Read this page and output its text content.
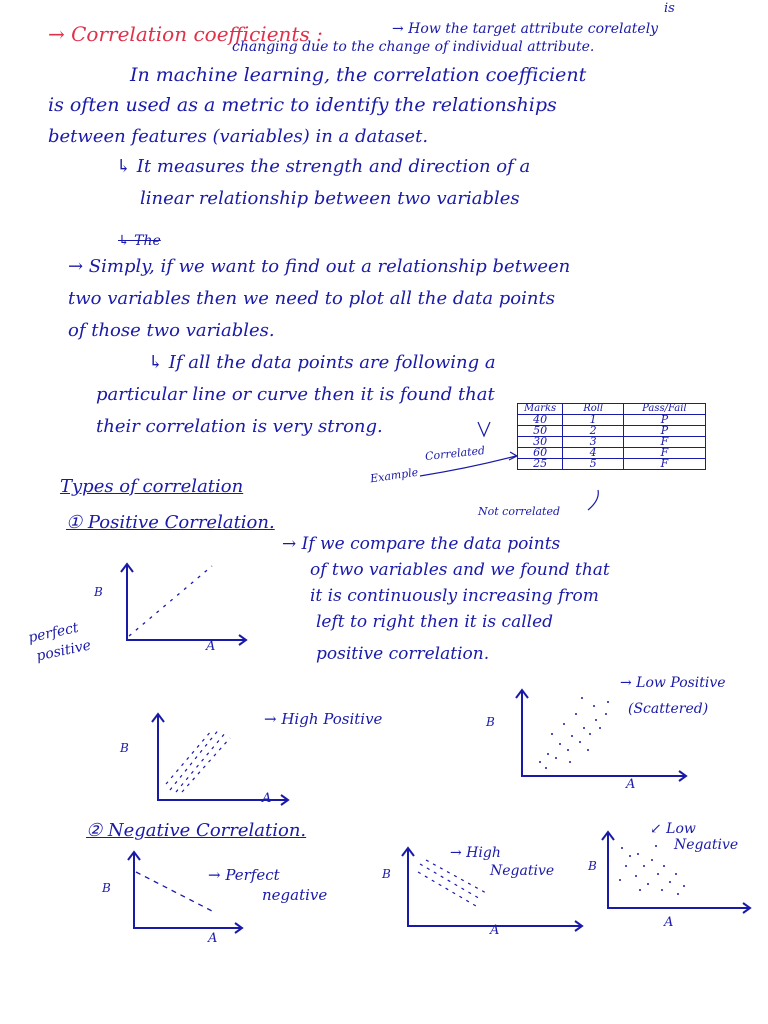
→ Correlation coefficients :
is
→ How the target attribute corelately
changing due to the change of individual attribute.
In machine learning, the correlation coefficient
is often used as a metric to identify the relationships
between features (variables) in a dataset.
↳ It measures the strength and direction of a
linear relationship between two variables
↳ The
→ Simply, if we want to find out a relationship between
two variables then we need to plot all the data points
of those two variables.
↳ If all the data points are following a
particular line or curve then it is found that
their correlation is very strong.
Marks	Roll	Pass/Fail
40	1	P
50	2	P
30	3	F
60	4	F
25	5	F
Example
Correlated
Not correlated
Types of correlation
① Positive Correlation.
→ If we compare the data points
of two variables and we found that
it is continuously increasing from
left to right then it is called
positive correlation.
B
A
perfect
positive
B
A
→ High Positive	B
A
→ Low Positive
(Scattered)
② Negative Correlation.
B
A
→ Perfect
negative
B
A
→ High
Negative	B
A
↙ Low
Negative
